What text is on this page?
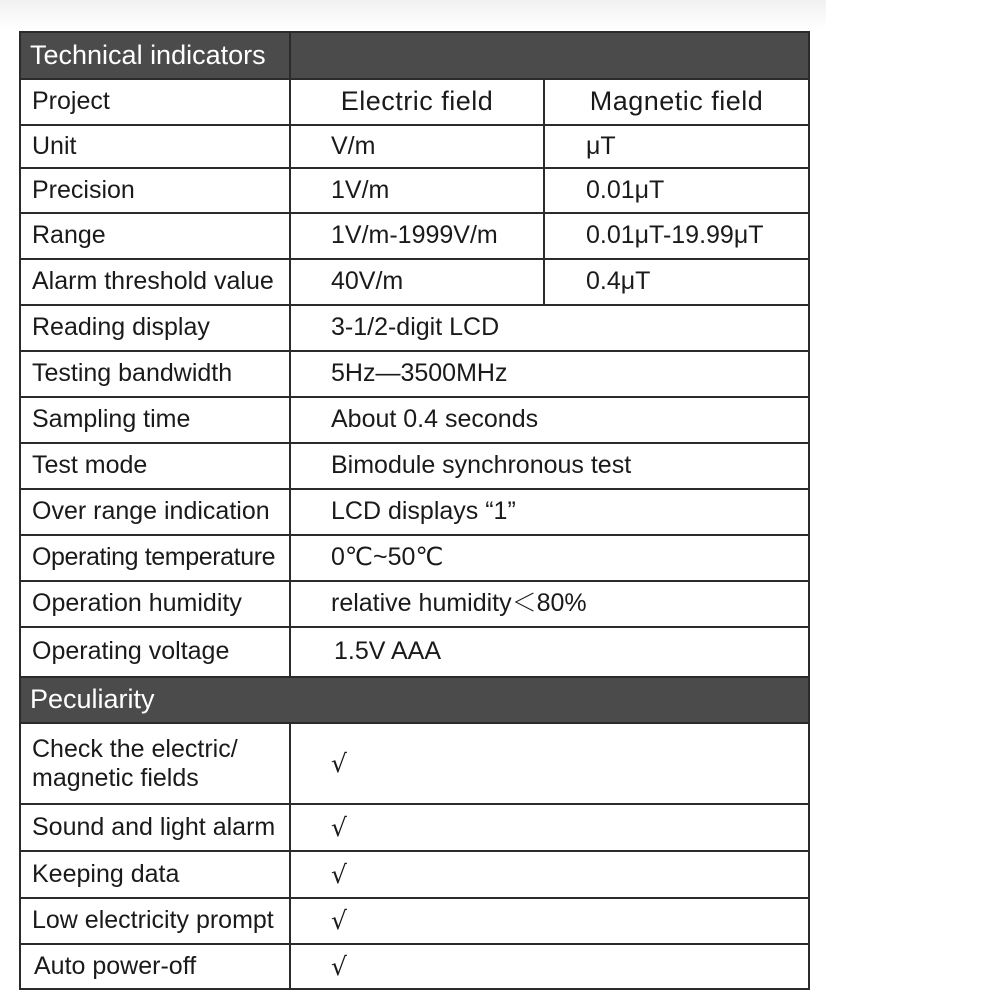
Technical indicators		
Project	Electric field	Magnetic field
Unit	V/m	μT
Precision	1V/m	0.01μT
Range	1V/m-1999V/m	0.01μT-19.99μT
Alarm threshold value	40V/m	0.4μT
Reading display	3-1/2-digit LCD	
Testing bandwidth	5Hz—3500MHz	
Sampling time	About 0.4 seconds	
Test mode	Bimodule synchronous test	
Over range indication	LCD displays “1”	
Operating temperature	0℃~50℃	
Operation humidity	relative humidity＜80%	
Operating voltage	1.5V AAA	
Peculiarity		
Check the electric/ magnetic fields	√	
Sound and light alarm	√	
Keeping data	√	
Low electricity prompt	√	
Auto power-off	√	
